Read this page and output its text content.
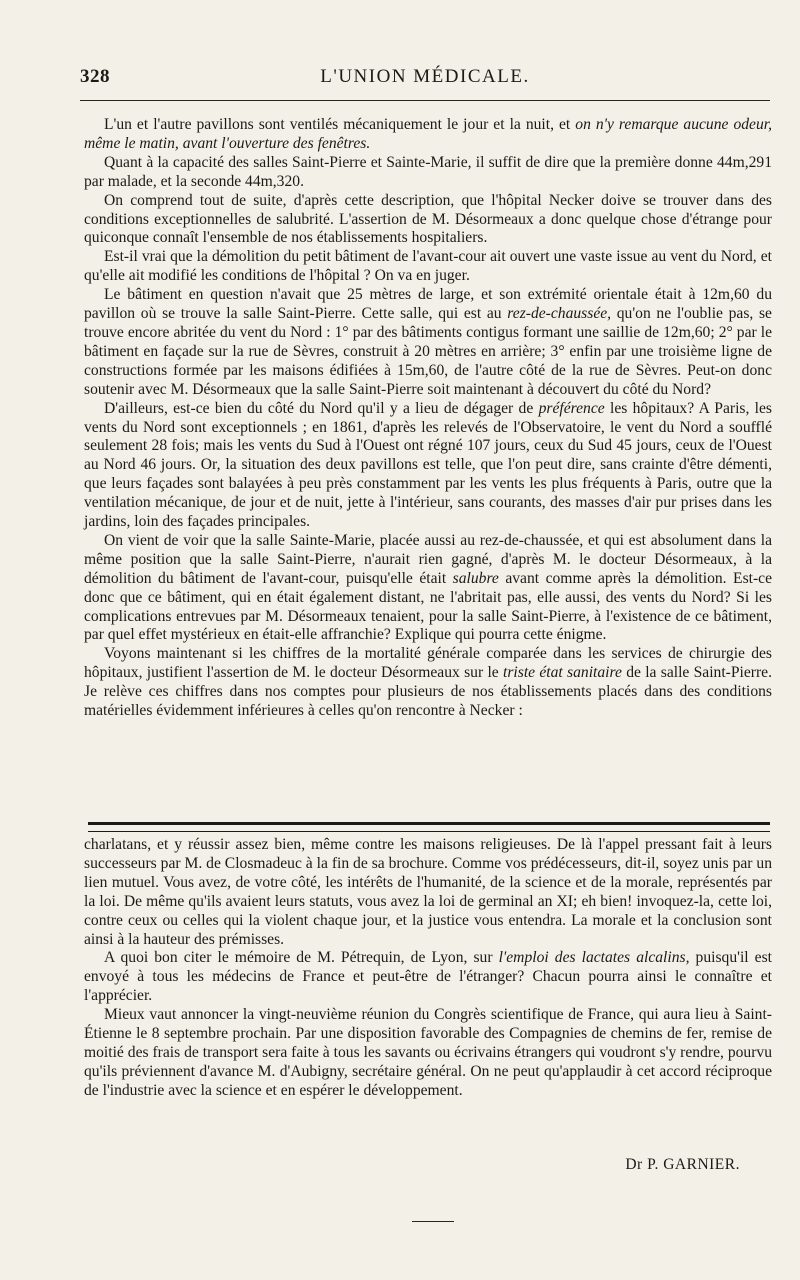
328	L'UNION MÉDICALE.

L'un et l'autre pavillons sont ventilés mécaniquement le jour et la nuit, et on n'y remarque aucune odeur, même le matin, avant l'ouverture des fenêtres.

Quant à la capacité des salles Saint-Pierre et Sainte-Marie, il suffit de dire que la première donne 44m,291 par malade, et la seconde 44m,320.

On comprend tout de suite, d'après cette description, que l'hôpital Necker doive se trouver dans des conditions exceptionnelles de salubrité. L'assertion de M. Désormeaux a donc quelque chose d'étrange pour quiconque connaît l'ensemble de nos établissements hospitaliers.

Est-il vrai que la démolition du petit bâtiment de l'avant-cour ait ouvert une vaste issue au vent du Nord, et qu'elle ait modifié les conditions de l'hôpital ? On va en juger.

Le bâtiment en question n'avait que 25 mètres de large, et son extrémité orientale était à 12m,60 du pavillon où se trouve la salle Saint-Pierre. Cette salle, qui est au rez-de-chaussée, qu'on ne l'oublie pas, se trouve encore abritée du vent du Nord : 1° par des bâtiments contigus formant une saillie de 12m,60; 2° par le bâtiment en façade sur la rue de Sèvres, construit à 20 mètres en arrière; 3° enfin par une troisième ligne de constructions formée par les maisons édifiées à 15m,60, de l'autre côté de la rue de Sèvres. Peut-on donc soutenir avec M. Désormeaux que la salle Saint-Pierre soit maintenant à découvert du côté du Nord?

D'ailleurs, est-ce bien du côté du Nord qu'il y a lieu de dégager de préférence les hôpitaux? A Paris, les vents du Nord sont exceptionnels ; en 1861, d'après les relevés de l'Observatoire, le vent du Nord a soufflé seulement 28 fois; mais les vents du Sud à l'Ouest ont régné 107 jours, ceux du Sud 45 jours, ceux de l'Ouest au Nord 46 jours. Or, la situation des deux pavillons est telle, que l'on peut dire, sans crainte d'être démenti, que leurs façades sont balayées à peu près constamment par les vents les plus fréquents à Paris, outre que la ventilation mécanique, de jour et de nuit, jette à l'intérieur, sans courants, des masses d'air pur prises dans les jardins, loin des façades principales.

On vient de voir que la salle Sainte-Marie, placée aussi au rez-de-chaussée, et qui est absolument dans la même position que la salle Saint-Pierre, n'aurait rien gagné, d'après M. le docteur Désormeaux, à la démolition du bâtiment de l'avant-cour, puisqu'elle était salubre avant comme après la démolition. Est-ce donc que ce bâtiment, qui en était également distant, ne l'abritait pas, elle aussi, des vents du Nord? Si les complications entrevues par M. Désormeaux tenaient, pour la salle Saint-Pierre, à l'existence de ce bâtiment, par quel effet mystérieux en était-elle affranchie? Explique qui pourra cette énigme.

Voyons maintenant si les chiffres de la mortalité générale comparée dans les services de chirurgie des hôpitaux, justifient l'assertion de M. le docteur Désormeaux sur le triste état sanitaire de la salle Saint-Pierre. Je relève ces chiffres dans nos comptes pour plusieurs de nos établissements placés dans des conditions matérielles évidemment inférieures à celles qu'on rencontre à Necker :

charlatans, et y réussir assez bien, même contre les maisons religieuses. De là l'appel pressant fait à leurs successeurs par M. de Closmadeuc à la fin de sa brochure. Comme vos prédécesseurs, dit-il, soyez unis par un lien mutuel. Vous avez, de votre côté, les intérêts de l'humanité, de la science et de la morale, représentés par la loi. De même qu'ils avaient leurs statuts, vous avez la loi de germinal an XI; eh bien! invoquez-la, cette loi, contre ceux ou celles qui la violent chaque jour, et la justice vous entendra. La morale et la conclusion sont ainsi à la hauteur des prémisses.

A quoi bon citer le mémoire de M. Pétrequin, de Lyon, sur l'emploi des lactates alcalins, puisqu'il est envoyé à tous les médecins de France et peut-être de l'étranger? Chacun pourra ainsi le connaître et l'apprécier.

Mieux vaut annoncer la vingt-neuvième réunion du Congrès scientifique de France, qui aura lieu à Saint-Étienne le 8 septembre prochain. Par une disposition favorable des Compagnies de chemins de fer, remise de moitié des frais de transport sera faite à tous les savants ou écrivains étrangers qui voudront s'y rendre, pourvu qu'ils préviennent d'avance M. d'Aubigny, secrétaire général. On ne peut qu'applaudir à cet accord réciproque de l'industrie avec la science et en espérer le développement.

Dr P. GARNIER.
